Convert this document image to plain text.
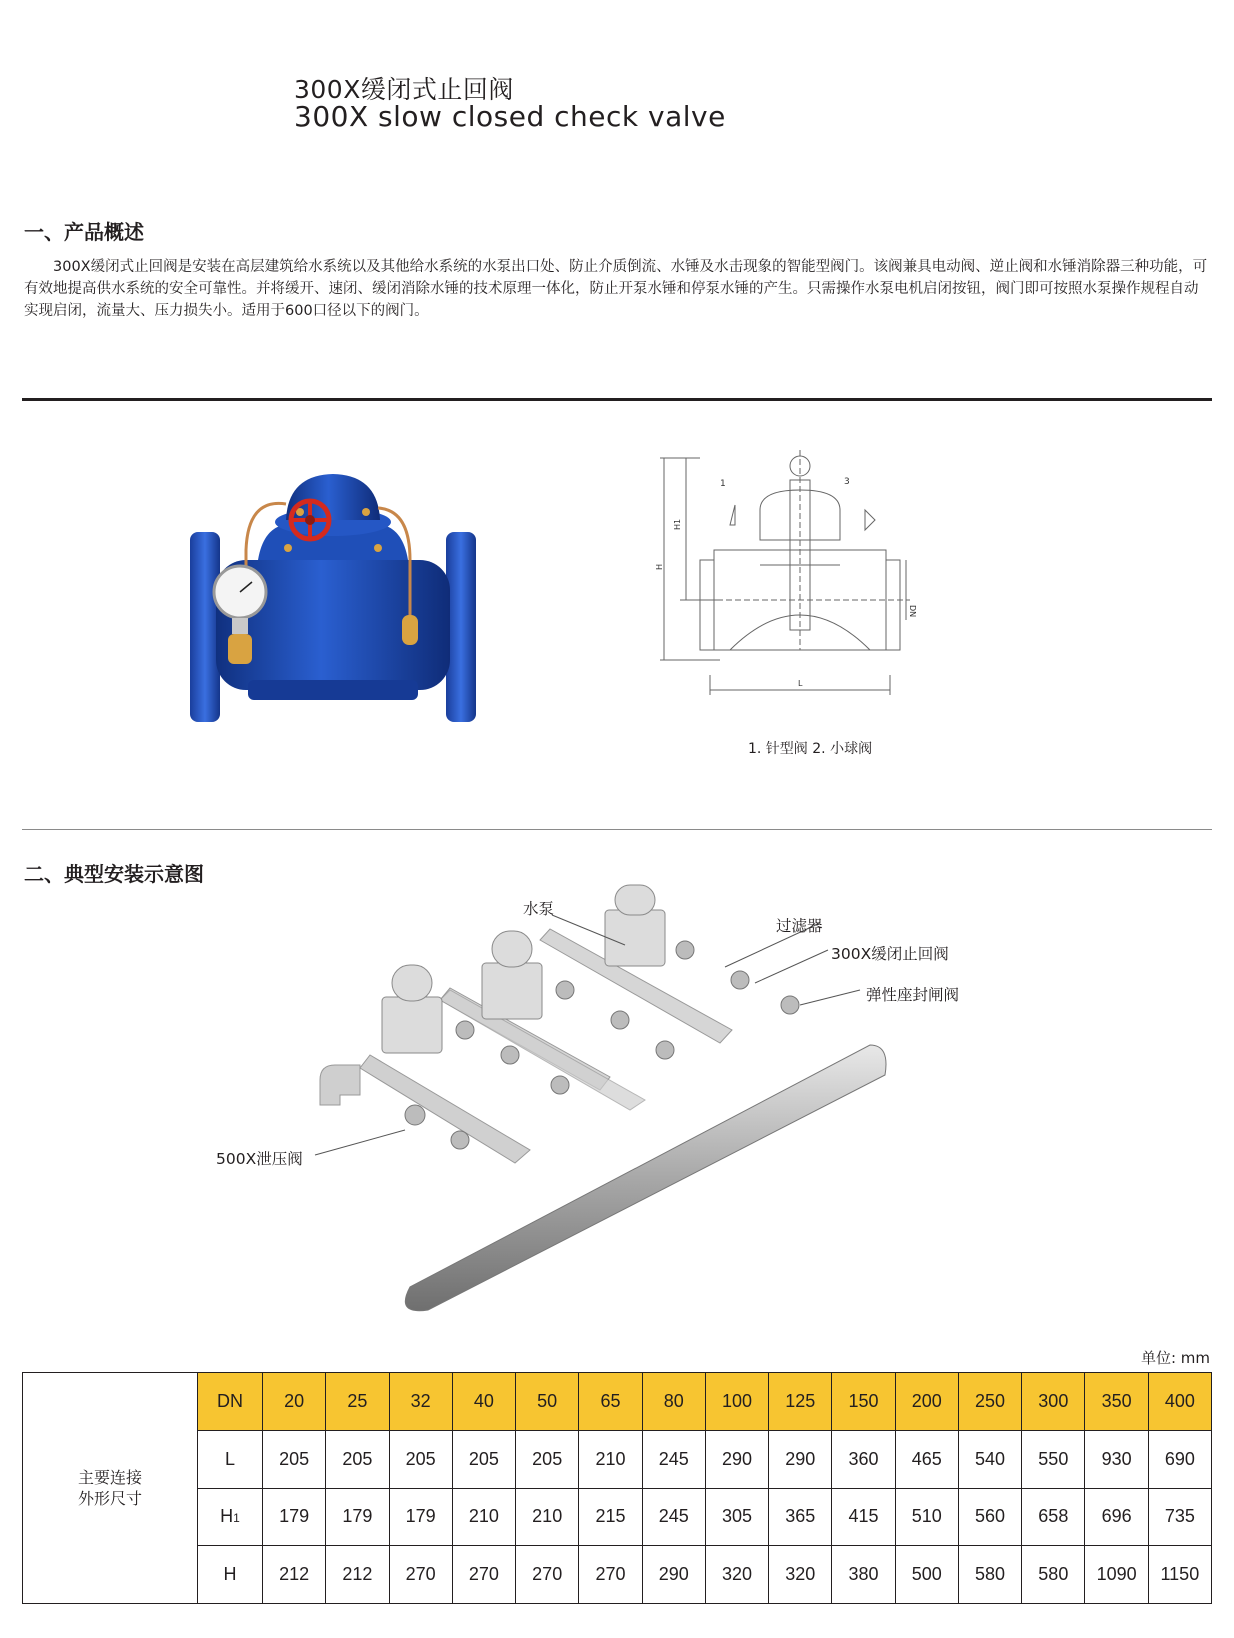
300X缓闭式止回阀
300X slow closed check valve
一、产品概述
300X缓闭式止回阀是安装在高层建筑给水系统以及其他给水系统的水泵出口处、防止介质倒流、水锤及水击现象的智能型阀门。该阀兼具电动阀、逆止阀和水锤消除器三种功能，可有效地提高供水系统的安全可靠性。并将缓开、速闭、缓闭消除水锤的技术原理一体化，防止开泵水锤和停泵水锤的产生。只需操作水泵电机启闭按钮，阀门即可按照水泵操作规程自动实现启闭，流量大、压力损失小。适用于600口径以下的阀门。
1	3
H1
H
DN
L
1. 针型阀 2. 小球阀
二、典型安装示意图
水泵
过滤器
300X缓闭止回阀
弹性座封闸阀
500X泄压阀
单位: mm
主要连接
外形尺寸	DN	20	25	32	40	50	65	80	100	125	150	200	250	300	350	400
	L	205	205	205	205	205	210	245	290	290	360	465	540	550	930	690
	H1	179	179	179	210	210	215	245	305	365	415	510	560	658	696	735
	H	212	212	270	270	270	270	290	320	320	380	500	580	580	1090	1150
